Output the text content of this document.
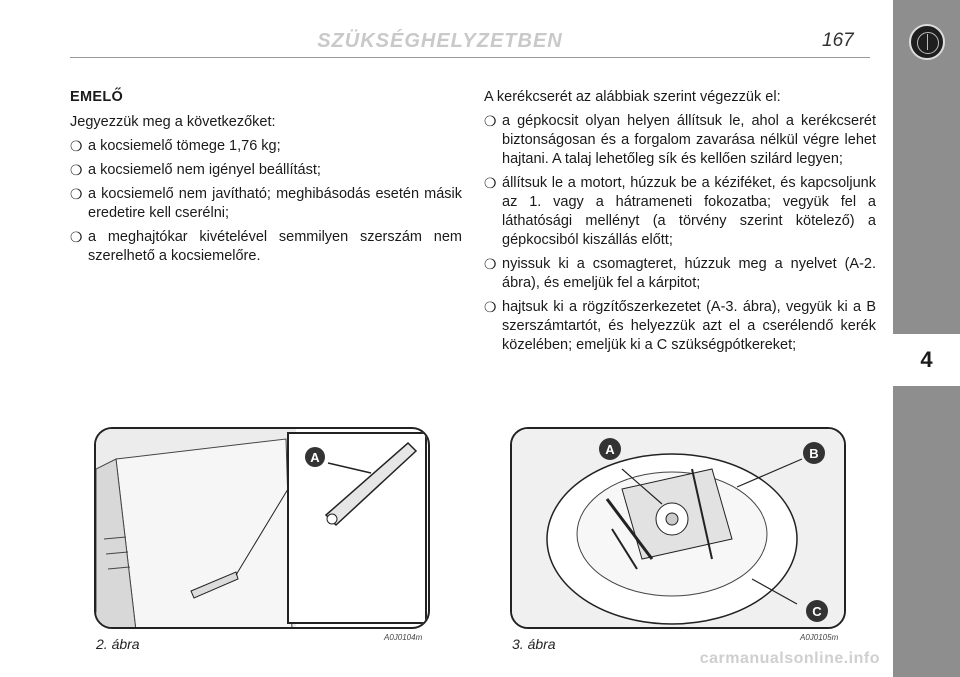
SZÜKSÉGHELYZETBEN	167
4
EMELŐ
Jegyezzük meg a következőket:
❍ a kocsiemelő tömege 1,76 kg;
❍ a kocsiemelő nem igényel beállítást;
❍ a kocsiemelő nem javítható; meghibásodás esetén másik eredetire kell cserélni;
❍ a meghajtókar kivételével semmilyen szerszám nem szerelhető a kocsiemelőre.
A kerékcserét az alábbiak szerint végezzük el:
❍ a gépkocsit olyan helyen állítsuk le, ahol a kerékcserét biztonságosan és a forgalom zavarása nélkül végre lehet hajtani. A talaj lehetőleg sík és kellően szilárd legyen;
❍ állítsuk le a motort, húzzuk be a kéziféket, és kapcsoljunk az 1. vagy a hátrameneti fokozatba; vegyük fel a láthatósági mellényt (a törvény szerint kötelező) a gépkocsiból kiszállás előtt;
❍ nyissuk ki a csomagteret, húzzuk meg a nyelvet (A-2. ábra), és emeljük fel a kárpitot;
❍ hajtsuk ki a rögzítőszerkezetet (A-3. ábra), vegyük ki a B szerszámtartót, és helyezzük azt el a cserélendő kerék közelében; emeljük ki a C szükségpótkereket;
A
2. ábra	A0J0104m
A	B
C
3. ábra	A0J0105m
carmanualsonline.info
